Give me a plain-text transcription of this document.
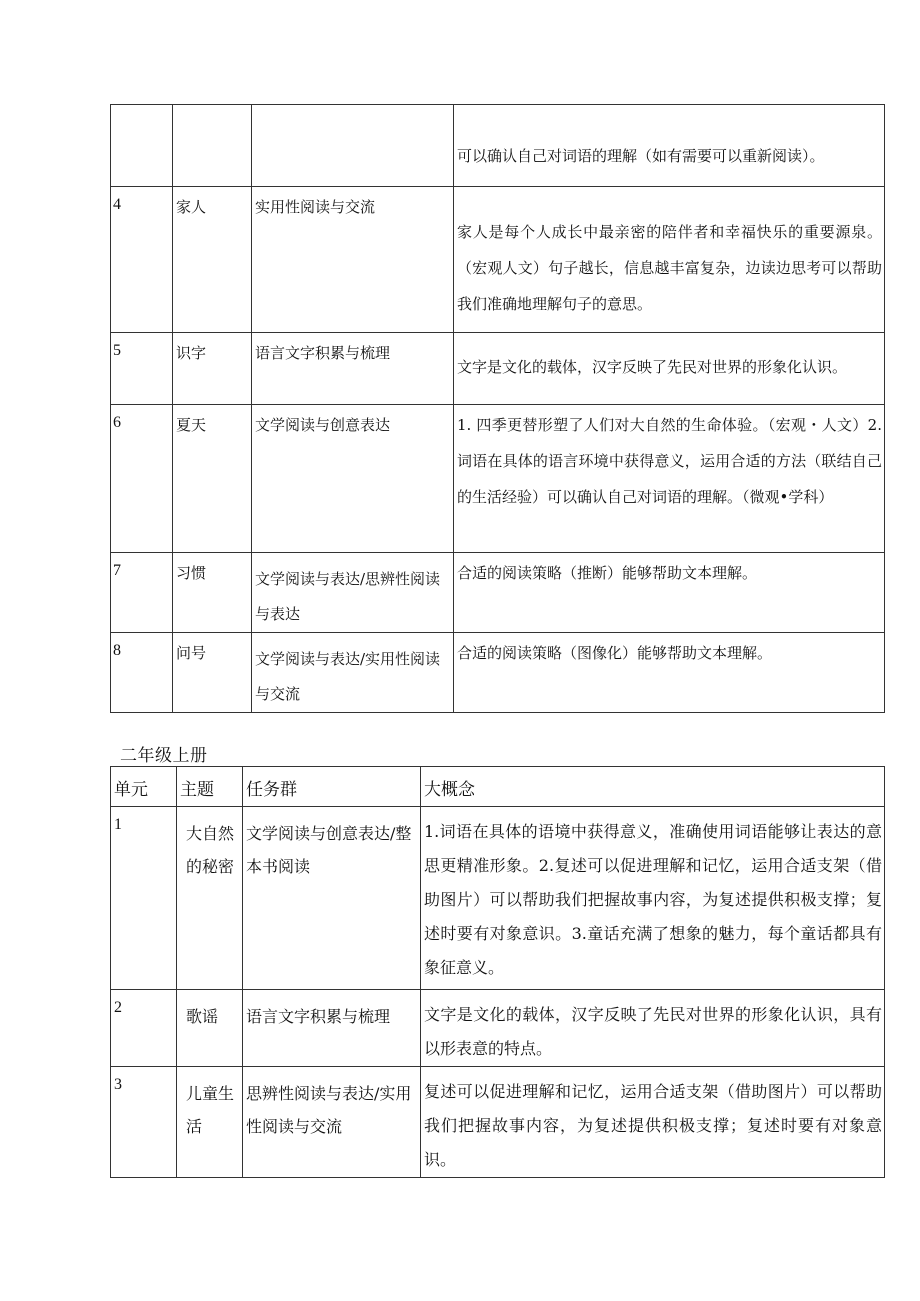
			可以确认自己对词语的理解（如有需要可以重新阅读）。
4	家人	实用性阅读与交流	家人是每个人成长中最亲密的陪伴者和幸福快乐的重要源泉。（宏观人文）句子越长，信息越丰富复杂，边读边思考可以帮助我们准确地理解句子的意思。
5	识字	语言文字积累与梳理	文字是文化的载体，汉字反映了先民对世界的形象化认识。
6	夏天	文学阅读与创意表达	1. 四季更替形塑了人们对大自然的生命体验。（宏观・人文）2. 词语在具体的语言环境中获得意义，运用合适的方法（联结自己的生活经验）可以确认自己对词语的理解。（微观•学科）
7	习惯	文学阅读与表达/思辨性阅读与表达	合适的阅读策略（推断）能够帮助文本理解。
8	问号	文学阅读与表达/实用性阅读与交流	合适的阅读策略（图像化）能够帮助文本理解。
二年级上册
单元	主题	任务群	大概念
1	大自然的秘密	文学阅读与创意表达/整本书阅读	1.词语在具体的语境中获得意义，准确使用词语能够让表达的意思更精准形象。2.复述可以促进理解和记忆，运用合适支架（借助图片）可以帮助我们把握故事内容，为复述提供积极支撑；复述时要有对象意识。3.童话充满了想象的魅力，每个童话都具有象征意义。
2	歌谣	语言文字积累与梳理	文字是文化的载体，汉字反映了先民对世界的形象化认识，具有以形表意的特点。
3	儿童生活	思辨性阅读与表达/实用性阅读与交流	复述可以促进理解和记忆，运用合适支架（借助图片）可以帮助我们把握故事内容，为复述提供积极支撑；复述时要有对象意识。
